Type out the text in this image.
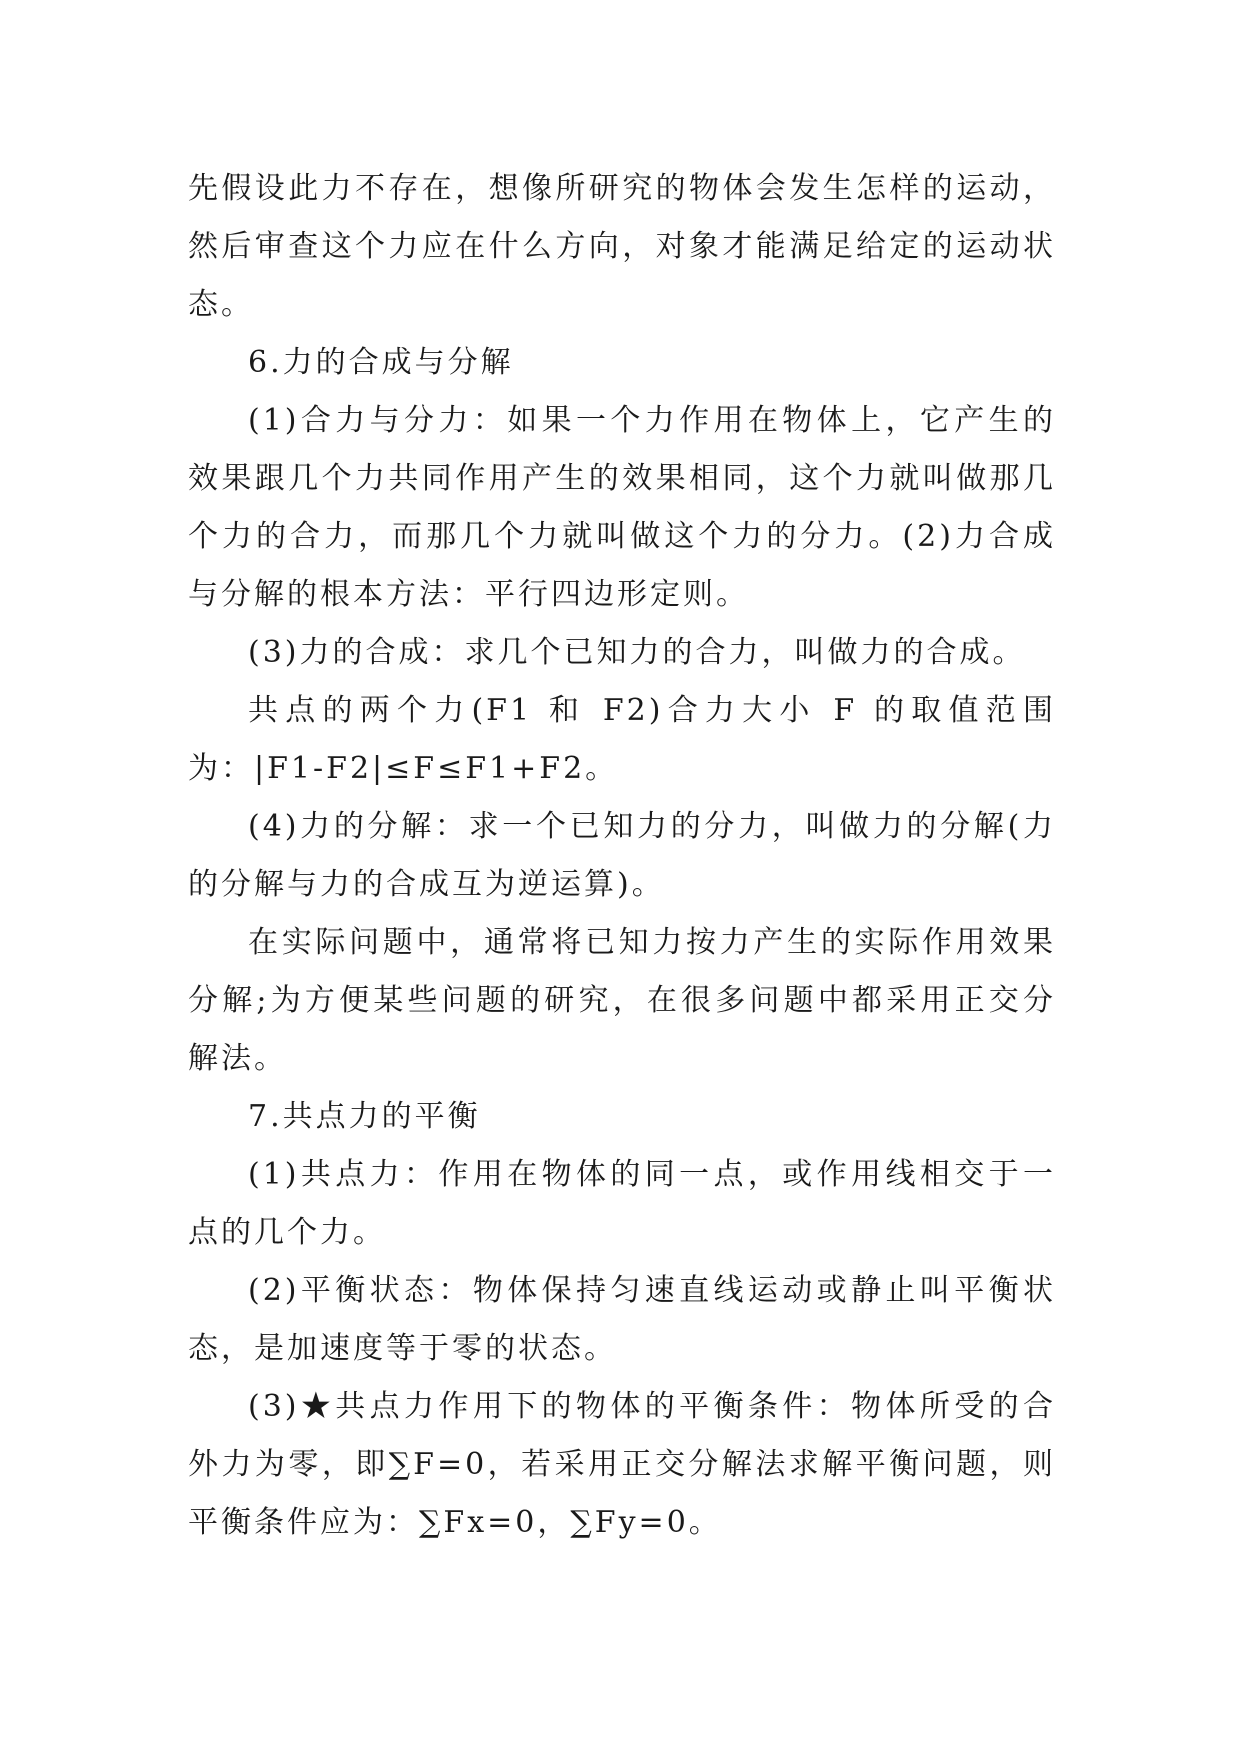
先假设此力不存在，想像所研究的物体会发生怎样的运动，然后审查这个力应在什么方向，对象才能满足给定的运动状态。

6.力的合成与分解

(1)合力与分力：如果一个力作用在物体上，它产生的效果跟几个力共同作用产生的效果相同，这个力就叫做那几个力的合力，而那几个力就叫做这个力的分力。(2)力合成与分解的根本方法：平行四边形定则。

(3)力的合成：求几个已知力的合力，叫做力的合成。

共点的两个力(F1 和 F2)合力大小 F 的取值范围为：|F1-F2|≤F≤F1+F2。

(4)力的分解：求一个已知力的分力，叫做力的分解(力的分解与力的合成互为逆运算)。

在实际问题中，通常将已知力按力产生的实际作用效果分解;为方便某些问题的研究，在很多问题中都采用正交分解法。

7.共点力的平衡

(1)共点力：作用在物体的同一点，或作用线相交于一点的几个力。

(2)平衡状态：物体保持匀速直线运动或静止叫平衡状态，是加速度等于零的状态。

(3)★共点力作用下的物体的平衡条件：物体所受的合外力为零，即∑F=0，若采用正交分解法求解平衡问题，则平衡条件应为：∑Fx=0，∑Fy=0。
